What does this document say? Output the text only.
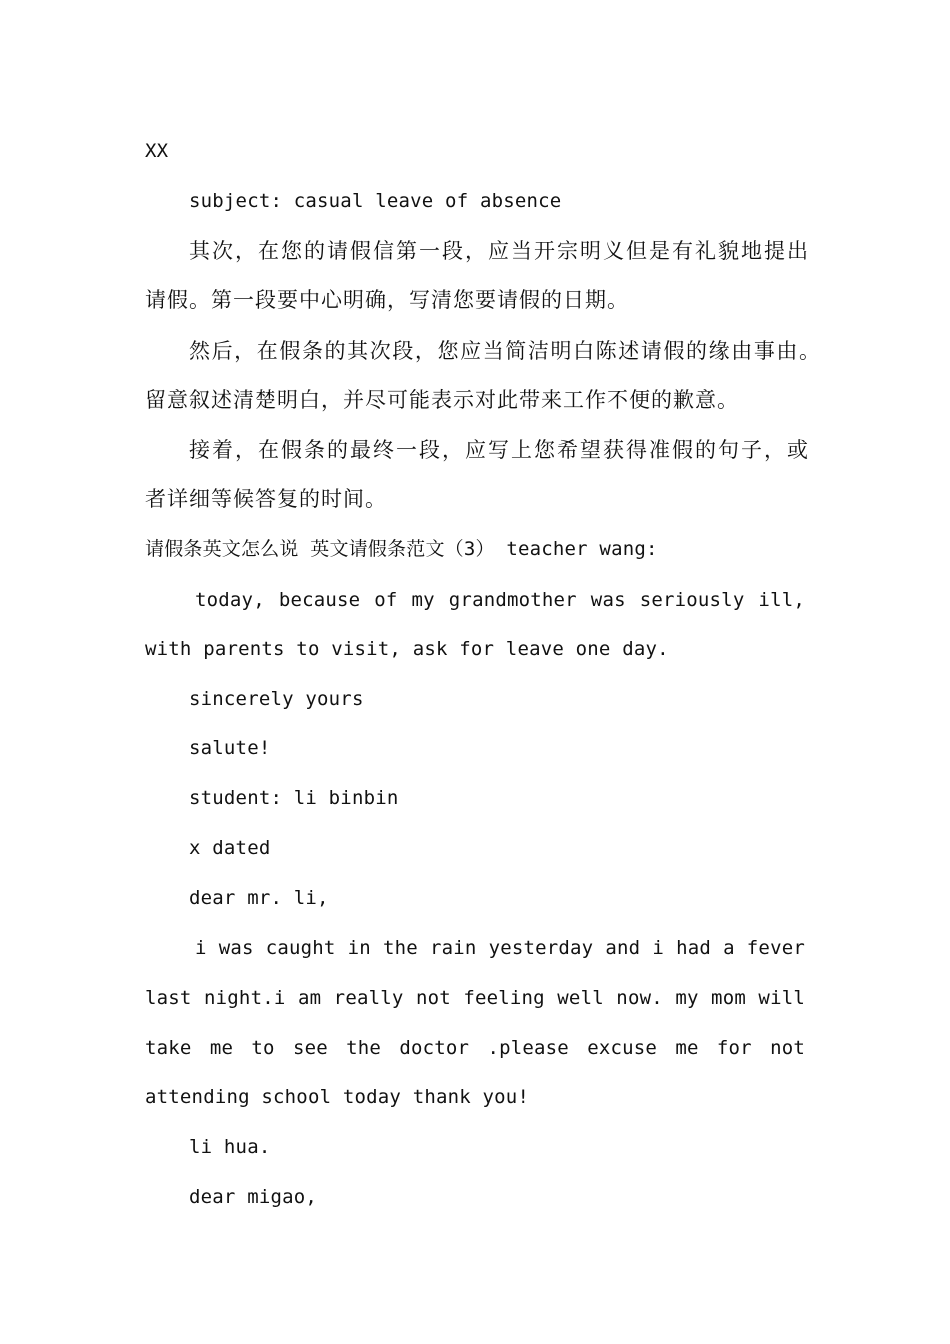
XX
subject: casual leave of absence
其次，在您的请假信第一段，应当开宗明义但是有礼貌地提出
请假。第一段要中心明确，写清您要请假的日期。
然后，在假条的其次段，您应当简洁明白陈述请假的缘由事由。
留意叙述清楚明白，并尽可能表示对此带来工作不便的歉意。
接着，在假条的最终一段，应写上您希望获得准假的句子，或
者详细等候答复的时间。
请假条英文怎么说 英文请假条范文（3） teacher wang:
today, because of my grandmother was seriously ill,
with parents to visit, ask for leave one day.
sincerely yours
salute!
student: li binbin
x dated
dear mr. li,
i was caught in the rain yesterday and i had a fever
last night.i am really not feeling well now. my mom will
take me to see the doctor .please excuse me for not
attending school today thank you!
li hua.
dear migao,
